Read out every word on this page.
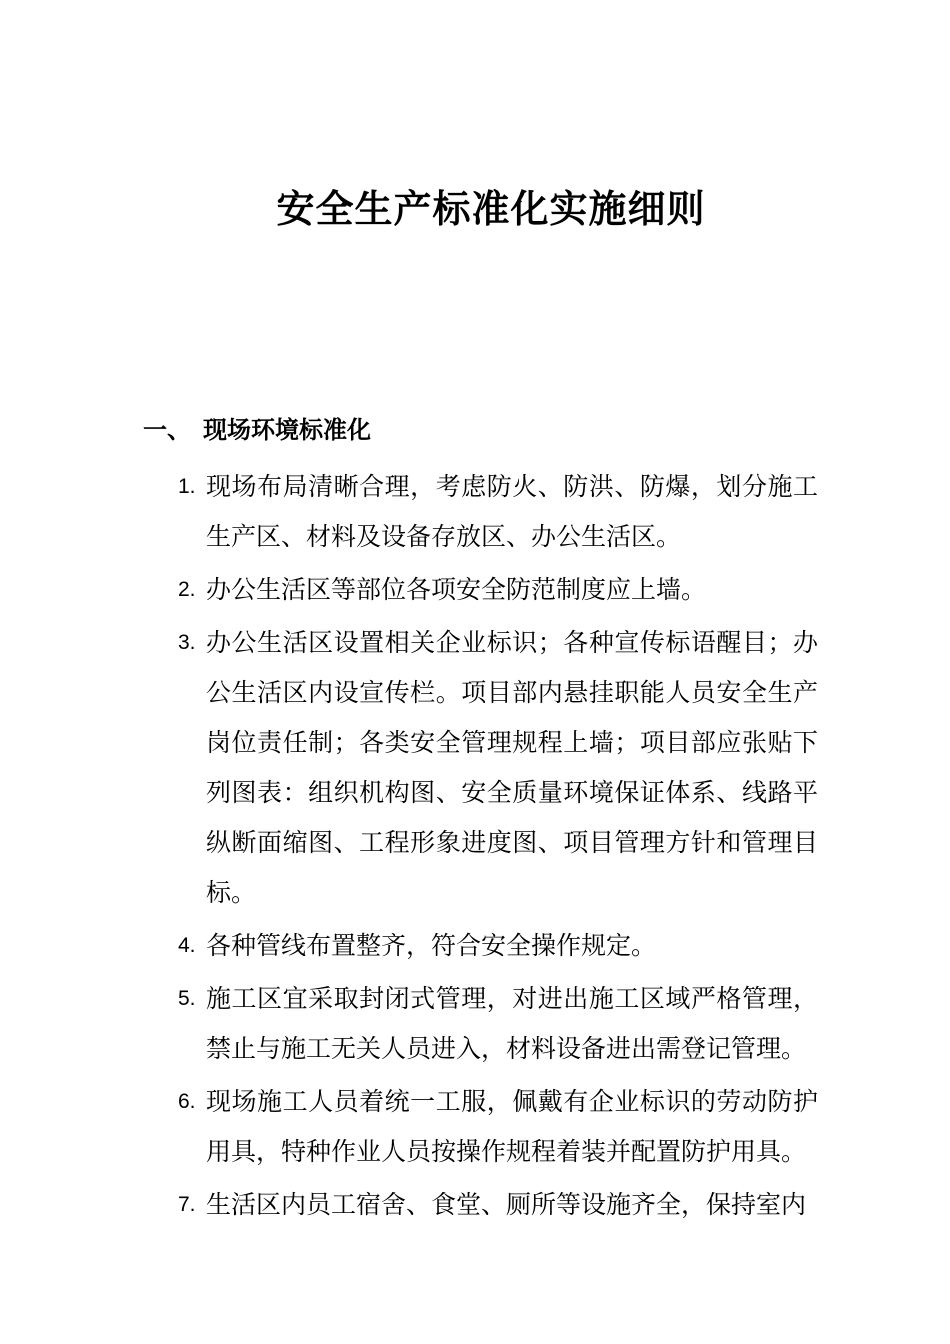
安全生产标准化实施细则
一、 现场环境标准化
1. 现场布局清晰合理，考虑防火、防洪、防爆，划分施工生产区、材料及设备存放区、办公生活区。
2. 办公生活区等部位各项安全防范制度应上墙。
3. 办公生活区设置相关企业标识；各种宣传标语醒目；办公生活区内设宣传栏。项目部内悬挂职能人员安全生产岗位责任制；各类安全管理规程上墙；项目部应张贴下列图表：组织机构图、安全质量环境保证体系、线路平纵断面缩图、工程形象进度图、项目管理方针和管理目标。
4. 各种管线布置整齐，符合安全操作规定。
5. 施工区宜采取封闭式管理，对进出施工区域严格管理，禁止与施工无关人员进入，材料设备进出需登记管理。
6. 现场施工人员着统一工服，佩戴有企业标识的劳动防护用具，特种作业人员按操作规程着装并配置防护用具。
7. 生活区内员工宿舍、食堂、厕所等设施齐全，保持室内
